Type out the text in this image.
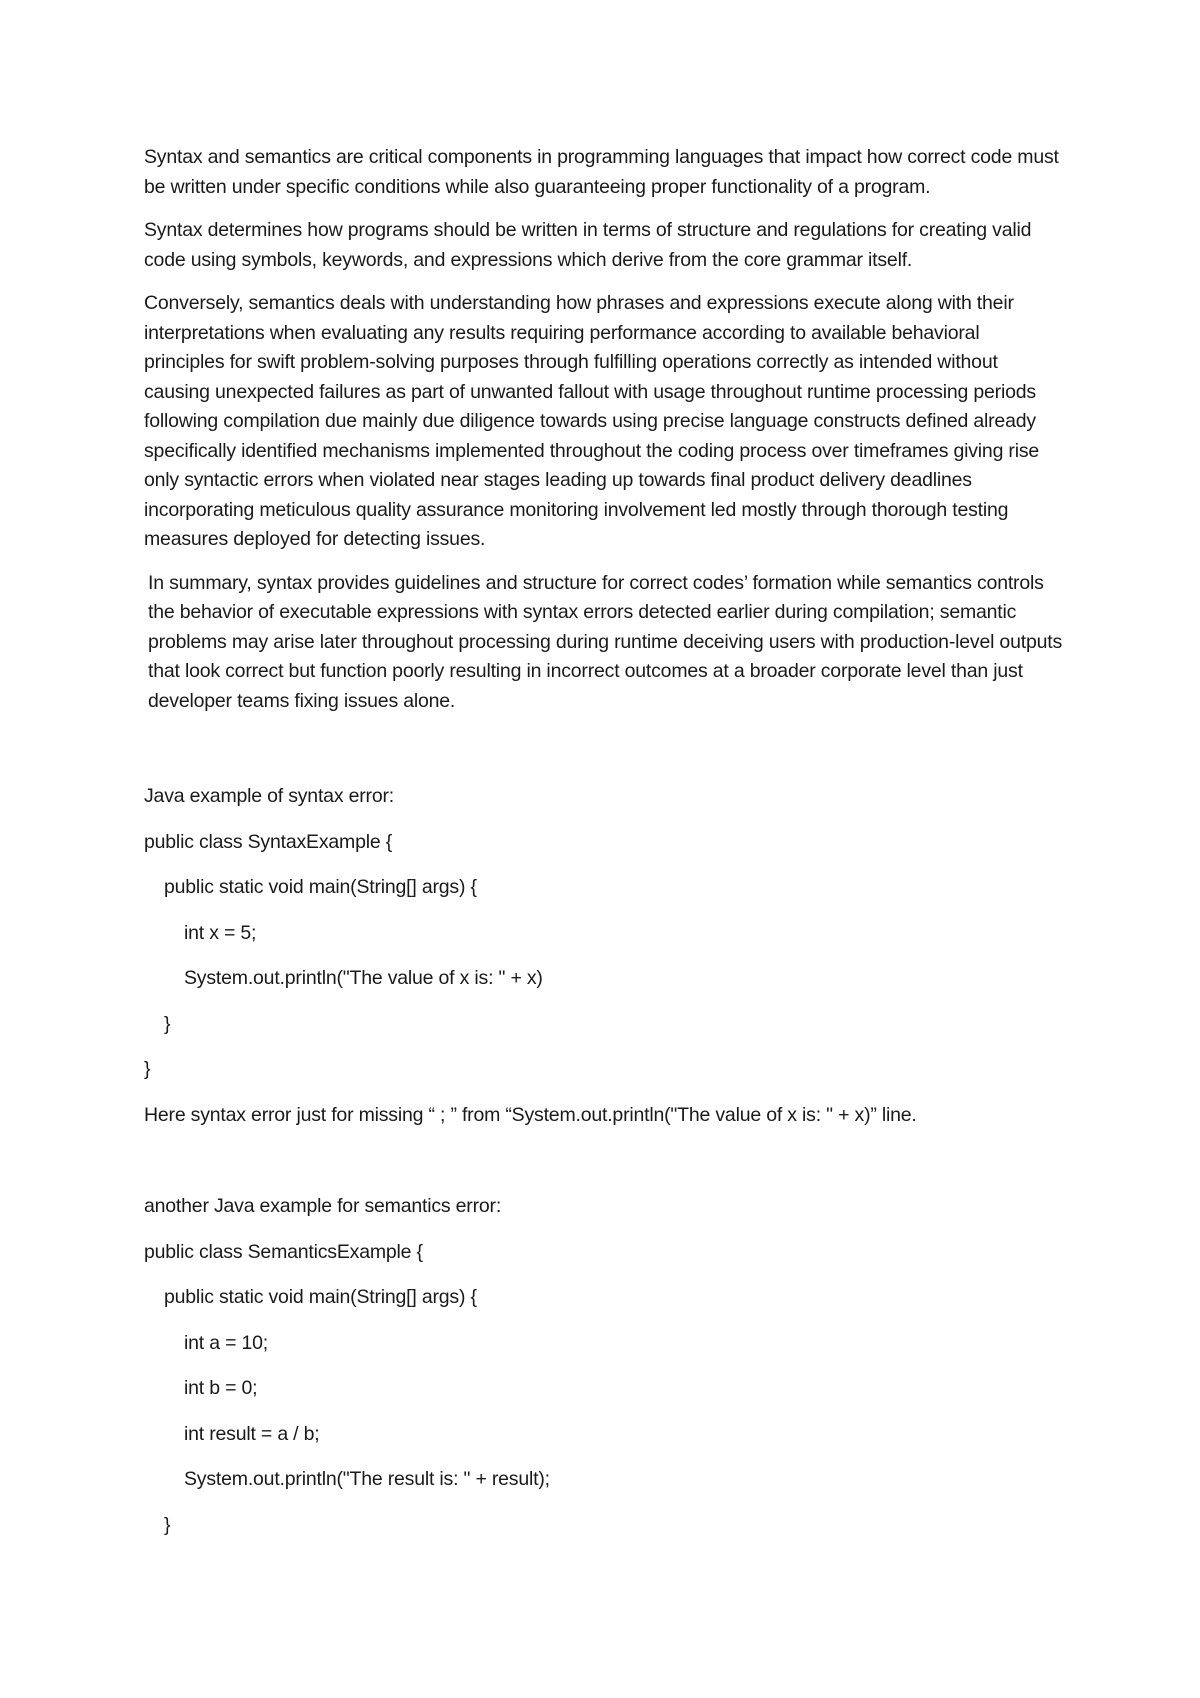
Syntax and semantics are critical components in programming languages that impact how correct code must be written under specific conditions while also guaranteeing proper functionality of a program.

Syntax determines how programs should be written in terms of structure and regulations for creating valid code using symbols, keywords, and expressions which derive from the core grammar itself.

Conversely, semantics deals with understanding how phrases and expressions execute along with their interpretations when evaluating any results requiring performance according to available behavioral principles for swift problem-solving purposes through fulfilling operations correctly as intended without causing unexpected failures as part of unwanted fallout with usage throughout runtime processing periods following compilation due mainly due diligence towards using precise language constructs defined already specifically identified mechanisms implemented throughout the coding process over timeframes giving rise only syntactic errors when violated near stages leading up towards final product delivery deadlines incorporating meticulous quality assurance monitoring involvement led mostly through thorough testing measures deployed for detecting issues.

In summary, syntax provides guidelines and structure for correct codes’ formation while semantics controls the behavior of executable expressions with syntax errors detected earlier during compilation; semantic problems may arise later throughout processing during runtime deceiving users with production-level outputs that look correct but function poorly resulting in incorrect outcomes at a broader corporate level than just developer teams fixing issues alone.

Java example of syntax error:

public class SyntaxExample {

public static void main(String[] args) {

int x = 5;

System.out.println("The value of x is: " + x)

}

}

Here syntax error just for missing “ ; ” from “System.out.println("The value of x is: " + x)” line.

another Java example for semantics error:

public class SemanticsExample {

public static void main(String[] args) {

int a = 10;

int b = 0;

int result = a / b;

System.out.println("The result is: " + result);

}
